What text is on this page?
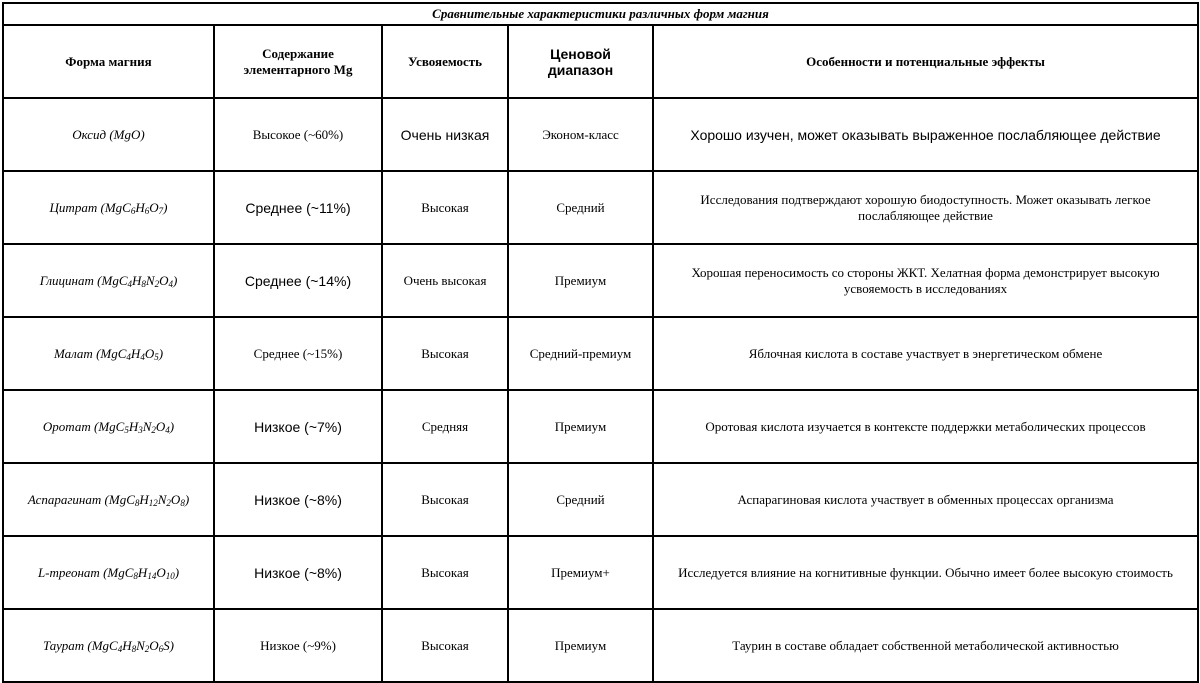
Сравнительные характеристики различных форм магния				
Форма магния	Содержание элементарного Mg	Усвояемость	Ценовой диапазон	Особенности и потенциальные эффекты
Оксид (MgO)	Высокое (~60%)	Очень низкая	Эконом-класс	Хорошо изучен, может оказывать выраженное послабляющее действие
Цитрат $(MgC_6H_6O_7)$	Среднее (~11%)	Высокая	Средний	Исследования подтверждают хорошую биодоступность. Может оказывать легкое послабляющее действие
Глицинат $(MgC_4H_8N_2O_4)$	Среднее (~14%)	Очень высокая	Премиум	Хорошая переносимость со стороны ЖКТ. Хелатная форма демонстрирует высокую усвояемость в исследованиях
Малат $(MgC_4H_4O_5)$	Среднее (~15%)	Высокая	Средний-премиум	Яблочная кислота в составе участвует в энергетическом обмене
Оротат $(MgC_5H_3N_2O_4)$	Низкое (~7%)	Средняя	Премиум	Оротовая кислота изучается в контексте поддержки метаболических процессов
Аспарагинат $(MgC_8H_{12}N_2O_8)$	Низкое (~8%)	Высокая	Средний	Аспарагиновая кислота участвует в обменных процессах организма
L-треонат $(MgC_8H_{14}O_{10})$	Низкое (~8%)	Высокая	Премиум+	Исследуется влияние на когнитивные функции. Обычно имеет более высокую стоимость
Таурат $(MgC_4H_8N_2O_6S)$	Низкое (~9%)	Высокая	Премиум	Таурин в составе обладает собственной метаболической активностью
